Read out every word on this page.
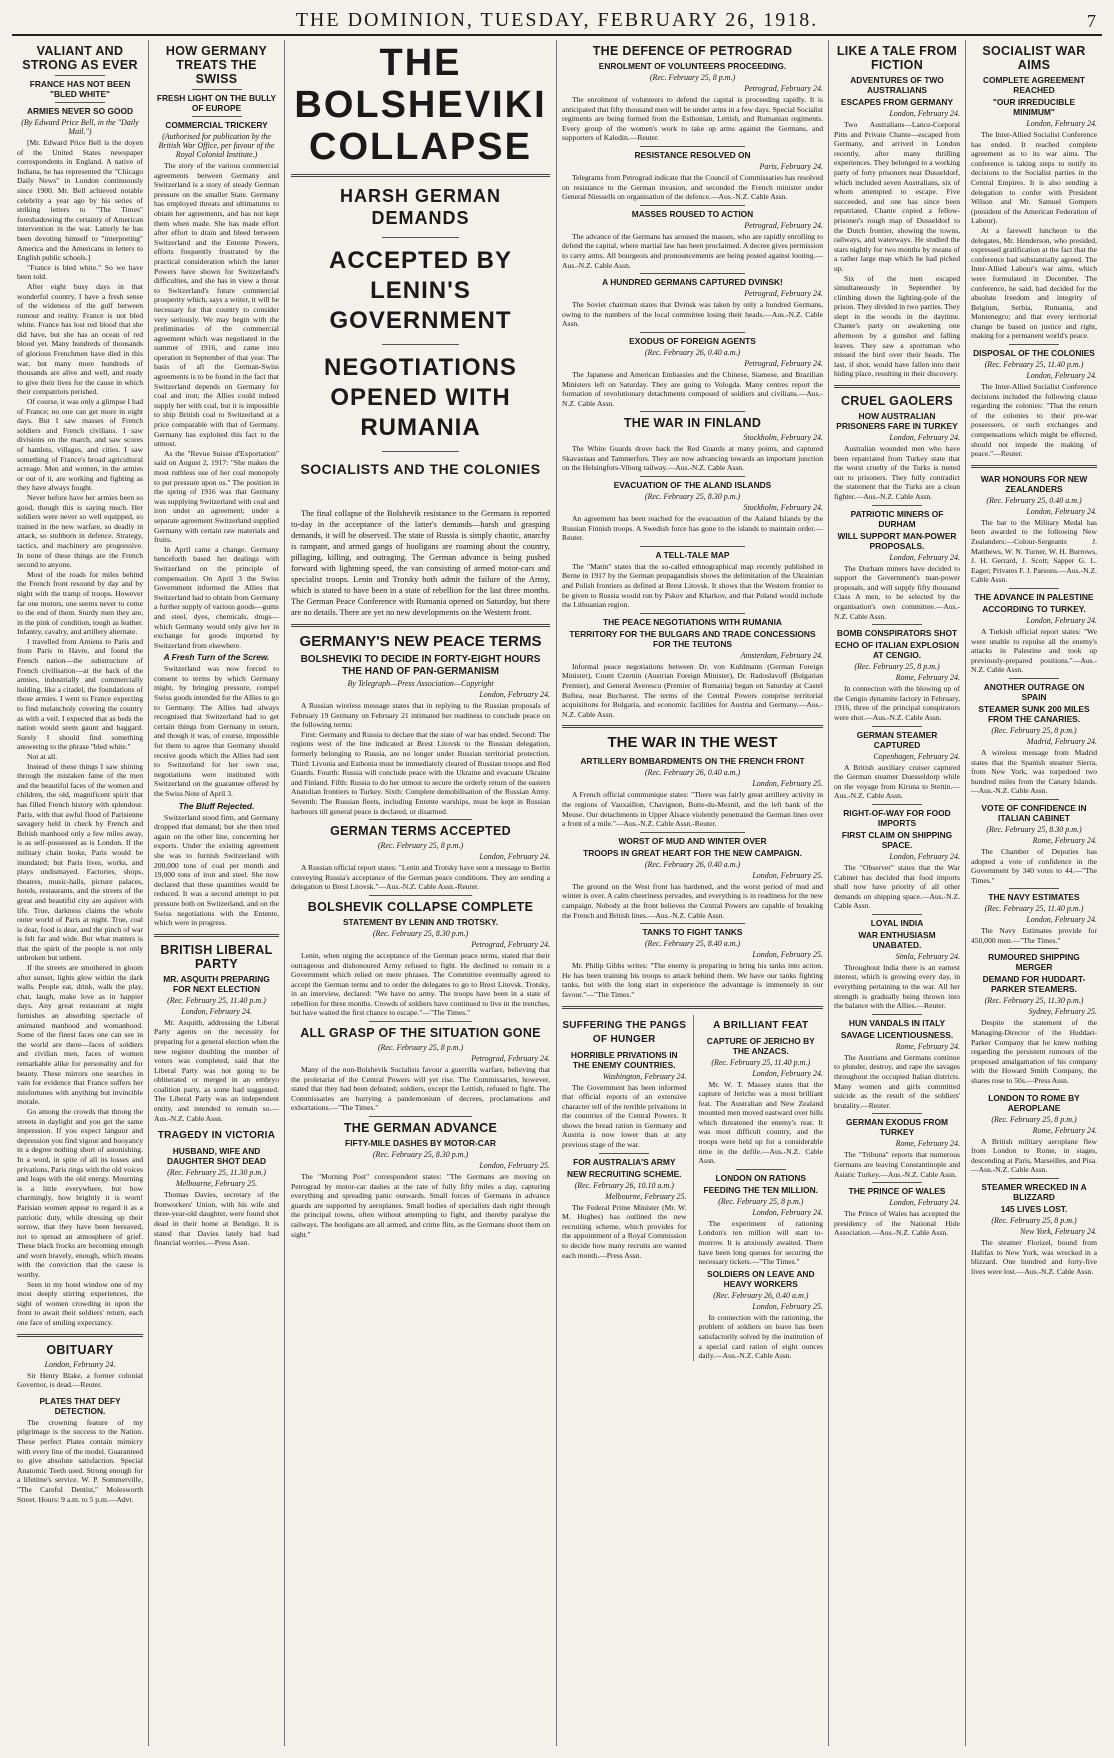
THE DOMINION, TUESDAY, FEBRUARY 26, 1918.	7
VALIANT AND STRONG AS EVER
FRANCE HAS NOT BEEN "BLED WHITE"
ARMIES NEVER SO GOOD
(By Edward Price Bell, in the "Daily Mail.")

[Mr. Edward Price Bell is the doyen of the United States newspaper correspondents in England. A native of Indiana, he has represented the "Chicago Daily News" in London continuously since 1900. Mr. Bell achieved notable celebrity a year ago by his series of striking letters to "The Times" foreshadowing the certainty of American intervention in the war. Latterly he has been devoting himself to "interpreting" America and the Americans in letters to English public schools.]

"France is bled white." So we have been told.

After eight busy days in that wonderful country, I have a fresh sense of the wideness of the gulf between rumour and reality. France is not bled white. France has lost red blood that she did have, but she has an ocean of red blood yet. Many hundreds of thousands of glorious Frenchmen have died in this war, but many more hundreds of thousands are alive and well, and ready to give their lives for the cause in which their compatriots perished.

Of course, it was only a glimpse I had of France; no one can get more in eight days. But I saw masses of French soldiers and French civilians. I saw divisions on the march, and saw scores of hamlets, villages, and cities. I saw something of France's broad agricultural acreage. Men and women, in the armies or out of it, are working and fighting as they have always fought.

Never before have her armies been so good, though this is saying much. Her soldiers were never so well equipped, so trained in the new warfare, so deadly in attack, so stubborn in defence. Strategy, tactics, and machinery are progressive. In none of these things are the French second to anyone.

Most of the roads for miles behind the French front resound by day and by night with the tramp of troops. However far one motors, one seems never to come to the end of them. Sturdy men they are, in the pink of condition, tough as leather. Infantry, cavalry, and artillery alternate.

I travelled from Amiens to Paris and from Paris to Havre, and found the French nation—the substructure of French civilisation—at the back of the armies, industrially and commercially holding, like a citadel, the foundations of those armies. I went to France expecting to find melancholy covering the country as with a veil. I expected that as beds the nation would seem gaunt and haggard. Surely I should find something answering to the phrase "bled white."

Not at all.

Instead of these things I saw shining through the mistaken fame of the men and the beautiful faces of the women and children, the old, magnificent spirit that has filled French history with splendour. Paris, with that awful flood of Parisienne savagery held in check by French and British manhood only a few miles away, is as self-possessed as is London. If the military chain broke, Paris would be inundated; but Paris lives, works, and plays undismayed. Factories, shops, theatres, music-halls, picture palaces, hotels, restaurants, and the streets of the great and beautiful city are aquiver with life. True, darkness claims the whole outer world of Paris at night. True, coal is dear, food is dear, and the pinch of war is felt far and wide. But what matters is that the spirit of the people is not only unbroken but unbent.

If the streets are smothered in gloom after sunset, lights glow within the dark walls. People eat, drink, walk the play, chat, laugh, make love as in happier days. Any great restaurant at night furnishes an absorbing spectacle of animated manhood and womanhood. Some of the finest faces one can see in the world are there—faces of soldiers and civilian men, faces of women remarkable alike for personality and for beauty. These mirrors one searches in vain for evidence that France suffers her misfortunes with anything but invincible morale.

Go among the crowds that throng the streets in daylight and you get the same impression. If you expect languor and depression you find vigour and buoyancy in a degree nothing short of astonishing. In a word, in spite of all its losses and privations, Paris rings with the old voices and leaps with the old energy. Mourning is a little everywhere, but how charmingly, how brightly it is worn! Parisian women appear to regard it as a patriotic duty, while dressing up their sorrow, that they have been bereaved, not to spread an atmosphere of grief. These black frocks are becoming enough and worn bravely, enough, which means with the conviction that the cause is worthy.

Seen in my hotel window one of my most deeply stirring experiences, the sight of women crowding in upon the front to await their soldiers' return, each one face of smiling expectancy.

OBITUARY
London, February 24.

Sir Henry Blake, a former colonial Governor, is dead.—Reuter.

PLATES THAT DEFY DETECTION.

The crowning feature of my pilgrimage is the success to the Nation. These perfect Plates contain mimicry with every line of the model. Guaranteed to give absolute satisfaction. Special Anatomic Teeth used. Strong enough for a lifetime's service. W. P. Sommerville, "The Careful Dentist," Molesworth Street. Hours: 9 a.m. to 5 p.m.—Advt.

HOW GERMANY TREATS THE SWISS
FRESH LIGHT ON THE BULLY OF EUROPE
COMMERCIAL TRICKERY
(Authorised for publication by the British War Office, per favour of the Royal Colonial Institute.)

The story of the various commercial agreements between Germany and Switzerland is a story of steady German pressure on the smaller State. Germany has employed threats and ultimatums to obtain her agreements, and has not kept them when made. She has made effort after effort to drain and bleed between Switzerland and the Entente Powers, efforts frequently frustrated by the practical consideration which the latter Powers have shown for Switzerland's difficulties, and she has in view a threat to Switzerland's future commercial prosperity which, says a writer, it will be necessary for that country to consider very seriously. We may begin with the preliminaries of the commercial agreement which was negotiated in the summer of 1916, and came into operation in September of that year. The basis of all the German-Swiss agreements is to be found in the fact that Switzerland depends on Germany for coal and iron; the Allies could indeed supply her with coal, but it is impossible to ship British coal to Switzerland at a price comparable with that of Germany. Germany has exploited this fact to the utmost.

As the "Revue Suisse d'Exportation" said on August 2, 1917: "She makes the most ruthless use of her coal monopoly to put pressure upon us." The position in the spring of 1916 was that Germany was supplying Switzerland with coal and iron under an agreement; under a separate agreement Switzerland supplied Germany with certain raw materials and fruits.

In April came a change. Germany henceforth based her dealings with Switzerland on the principle of compensation. On April 3 the Swiss Government informed the Allies that Switzerland had to obtain from Germany a further supply of various goods—gums and steel, dyes, chemicals, drugs—which Germany would only give her in exchange for goods imported by Switzerland from elsewhere.

A Fresh Turn of the Screw.

Switzerland was now forced to consent to terms by which Germany might, by bringing pressure, compel Swiss goods intended for the Allies to go to Germany. The Allies had always recognised that Switzerland had to get certain things from Germany in return, and though it was, of course, impossible for them to agree that Germany should receive goods which the Allies had sent to Switzerland for her own use, negotiations were instituted with Switzerland on the guarantee offered by the Swiss Note of April 3.

The Bluff Rejected.

Switzerland stood firm, and Germany dropped that demand; but she then tried again on the other line, concerning her exports. Under the existing agreement she was to furnish Switzerland with 200,000 tons of coal per month and 19,000 tons of iron and steel. She now declared that these quantities would be reduced. It was a second attempt to put pressure both on Switzerland, and on the Swiss negotiations with the Entente, which were in progress.

BRITISH LIBERAL PARTY
MR. ASQUITH PREPARING FOR NEXT ELECTION
(Rec. February 25, 11.40 p.m.)
London, February 24.

Mr. Asquith, addressing the Liberal Party agents on the necessity for preparing for a general election when the new register doubling the number of voters was completed, said that the Liberal Party was not going to be obliterated or merged in an embryo coalition party, as some had suggested. The Liberal Party was an independent entity, and intended to remain so.—Aus.-N.Z. Cable Assn.

TRAGEDY IN VICTORIA
HUSBAND, WIFE AND DAUGHTER SHOT DEAD
(Rec. February 25, 11.30 p.m.)
Melbourne, February 25.

Thomas Davies, secretary of the Ironworkers' Union, with his wife and three-year-old daughter, were found shot dead in their home at Bendigo. It is stated that Davies lately had had financial worries.—Press Assn.

THE BOLSHEVIKI COLLAPSE
HARSH GERMAN DEMANDS
ACCEPTED BY LENIN'S GOVERNMENT
NEGOTIATIONS OPENED WITH RUMANIA
SOCIALISTS AND THE COLONIES

The final collapse of the Bolshevik resistance to the Germans is reported to-day in the acceptance of the latter's demands—harsh and grasping demands, it will be observed. The state of Russia is simply chaotic, anarchy is rampant, and armed gangs of hooligans are roaming about the country, pillaging, killing, and outraging. The German advance is being pushed forward with lightning speed, the van consisting of armed motor-cars and specialist troops. Lenin and Trotsky both admit the failure of the Army, which is stated to have been in a state of rebellion for the last three months. The German Peace Conference with Rumania opened on Saturday, but there are no details. There are yet no new developments on the Western front.

GERMANY'S NEW PEACE TERMS
BOLSHEVIKI TO DECIDE IN FORTY-EIGHT HOURS
THE HAND OF PAN-GERMANISM
By Telegraph—Press Association—Copyright
London, February 24.

A Russian wireless message states that in replying to the Russian proposals of February 19 Germany on February 21 intimated her readiness to conclude peace on the following terms:

First: Germany and Russia to declare that the state of war has ended. Second: The regions west of the line indicated at Brest Litovsk to the Russian delegation, formerly belonging to Russia, are no longer under Russian territorial protection. Third: Livonia and Esthonia must be immediately cleared of Russian troops and Red Guards. Fourth: Russia will conclude peace with the Ukraine and evacuate Ukraine and Finland. Fifth: Russia to do her utmost to secure the orderly return of the eastern Anatolian frontiers to Turkey. Sixth: Complete demobilisation of the Russian Army. Seventh: The Russian fleets, including Entente warships, must be kept in Russian harbours till general peace is declared, or disarmed.

GERMAN TERMS ACCEPTED
(Rec. February 25, 8 p.m.)
London, February 24.

A Russian official report states: "Lenin and Trotsky have sent a message to Berlin conveying Russia's acceptance of the German peace conditions. They are sending a delegation to Brest Litovsk."—Aus.-N.Z. Cable Assn.-Reuter.

BOLSHEVIK COLLAPSE COMPLETE
STATEMENT BY LENIN AND TROTSKY.
(Rec. February 25, 8.30 p.m.)
Petrograd, February 24.

Lenin, when urging the acceptance of the German peace terms, stated that their outrageous and dishonoured Army refused to fight. He declined to remain in a Government which relied on mere phrases. The Committee eventually agreed to accept the German terms and to order the delegates to go to Brest Litovsk. Trotsky, in an interview, declared: "We have no army. The troops have been in a state of rebellion for three months. Crowds of soldiers have continued to live in the trenches, but have waited the first chance to escape."—"The Times."

ALL GRASP OF THE SITUATION GONE
(Rec. February 25, 8 p.m.)
Petrograd, February 24.

Many of the non-Bolshevik Socialists favour a guerrilla warfare, believing that the proletariat of the Central Powers will yet rise. The Commissaries, however, stated that they had been defeated; soldiers, except the Lettish, refused to fight. The Commissaries are hurrying a pandemonium of decrees, proclamations and exhortations.—"The Times."

THE GERMAN ADVANCE
FIFTY-MILE DASHES BY MOTOR-CAR
(Rec. February 25, 8.30 p.m.)
London, February 25.

The "Morning Post" correspondent states: "The Germans are moving on Petrograd by motor-car dashes at the rate of fully fifty miles a day, capturing everything and spreading panic outwards. Small forces of Germans in advance guards are supported by aeroplanes. Small bodies of specialists dash right through the principal towns, often without attempting to fight, and thereby paralyse the railways. The hooligans are all armed, and crime flits, as the Germans shoot them on sight."

THE DEFENCE OF PETROGRAD
ENROLMENT OF VOLUNTEERS PROCEEDING.
(Rec. February 25, 8 p.m.)
Petrograd, February 24.

The enrolment of volunteers to defend the capital is proceeding rapidly. It is anticipated that fifty thousand men will be under arms in a few days. Special Socialist regiments are being formed from the Esthonian, Lettish, and Rumanian regiments. Every group of the women's work to take up arms against the Germans, and supporters of Kaledin.—Reuter.

RESISTANCE RESOLVED ON
Paris, February 24.

Telegrams from Petrograd indicate that the Council of Commissaries has resolved on resistance to the German invasion, and seconded the French minister under General Niessells on organisation of the defence.—Aus.-N.Z. Cable Assn.

MASSES ROUSED TO ACTION
Petrograd, February 24.

The advance of the Germans has aroused the masses, who are rapidly enrolling to defend the capital, where martial law has been proclaimed. A decree gives permission to carry arms. All bourgeois and pronouncements are being posted against looting.—Aus.-N.Z. Cable Assn.

A HUNDRED GERMANS CAPTURED DVINSK!
Petrograd, February 24.

The Soviet chairman states that Dvinsk was taken by only a hundred Germans, owing to the numbers of the local committee losing their heads.—Aus.-N.Z. Cable Assn.

EXODUS OF FOREIGN AGENTS
(Rec. February 26, 0.40 a.m.)
Petrograd, February 24.

The Japanese and American Embassies and the Chinese, Siamese, and Brazilian Ministers left on Saturday. They are going to Vologda. Many centres report the formation of revolutionary detachments composed of soldiers and civilians.—Aus.-N.Z. Cable Assn.

THE WAR IN FINLAND
Stockholm, February 24.

The White Guards drove back the Red Guards at many points, and captured Skavastaas and Tammerfors. They are now advancing towards an important junction on the Helsingfors-Viborg railway.—Aus.-N.Z. Cable Assn.

EVACUATION OF THE ALAND ISLANDS
(Rec. February 25, 8.30 p.m.)
Stockholm, February 24.

An agreement has been reached for the evacuation of the Aaland Islands by the Russian Finnish troops. A Swedish force has gone to the islands to maintain order.—Reuter.

A TELL-TALE MAP

The "Matin" states that the so-called ethnographical map recently published in Berne in 1917 by the German propagandists shows the delimitation of the Ukrainian and Polish frontiers as defined at Brest Litovsk. It shows that the Western frontier to be given to Russia would run by Pskov and Kharkov, and that Poland would include the Lithuanian region.

THE PEACE NEGOTIATIONS WITH RUMANIA
TERRITORY FOR THE BULGARS AND TRADE CONCESSIONS FOR THE TEUTONS
Amsterdam, February 24.

Informal peace negotiations between Dr. von Kuhlmann (German Foreign Minister), Count Czernin (Austrian Foreign Minister), Dr. Radoslavoff (Bulgarian Premier), and General Averescu (Premier of Rumania) began on Saturday at Castel Buftea, near Bucharest. The terms of the Central Powers comprise territorial acquisitions for Bulgaria, and economic facilities for Austria and Germany.—Aus.-N.Z. Cable Assn.

THE WAR IN THE WEST
ARTILLERY BOMBARDMENTS ON THE FRENCH FRONT
(Rec. February 26, 0.40 a.m.)
London, February 25.

A French official communique states: "There was fairly great artillery activity in the regions of Vauxaillon, Chavignon, Butte-du-Mesnil, and the left bank of the Meuse. Our detachments in Upper Alsace violently penetrated the German lines over a front of a mile."—Aus.-N.Z. Cable Assn.-Reuter.

WORST OF MUD AND WINTER OVER
TROOPS IN GREAT HEART FOR THE NEW CAMPAIGN.
(Rec. February 26, 0.40 a.m.)
London, February 25.

The ground on the West front has hardened, and the worst period of mud and winter is over. A calm cheeriness pervades, and everything is in readiness for the new campaign. Nobody at the front believes the Central Powers are capable of breaking the French and British lines.—Aus.-N.Z. Cable Assn.

TANKS TO FIGHT TANKS
(Rec. February 25, 8.40 a.m.)
London, February 25.

Mr. Philip Gibbs writes: "The enemy is preparing to bring his tanks into action. He has been training his troops to attack behind them. We have our tanks fighting tanks, but with the long start in experience the advantage is immensely in our favour."—"The Times."

SUFFERING THE PANGS OF HUNGER
HORRIBLE PRIVATIONS IN THE ENEMY COUNTRIES.
Washington, February 24.

The Government has been informed that official reports of an extensive character tell of the terrible privations in the countries of the Central Powers. It shows the bread ration in Germany and Austria is now lower than at any previous stage of the war.

FOR AUSTRALIA'S ARMY
NEW RECRUITING SCHEME.
(Rec. February 26, 10.10 a.m.)
Melbourne, February 25.

The Federal Prime Minister (Mr. W. M. Hughes) has outlined the new recruiting scheme, which provides for the appointment of a Royal Commission to decide how many recruits are wanted each month.—Press Assn.

A BRILLIANT FEAT
CAPTURE OF JERICHO BY THE ANZACS.
(Rec. February 25, 11.40 p.m.)
London, February 24.

Mr. W. T. Massey states that the capture of Jericho was a most brilliant feat. The Australian and New Zealand mounted men moved eastward over hills which threatened the enemy's rear. It was most difficult country, and the troops were held up for a considerable time in the defile.—Aus.-N.Z. Cable Assn.

LONDON ON RATIONS
FEEDING THE TEN MILLION.
(Rec. February 25, 8 p.m.)
London, February 24.

The experiment of rationing London's ten million will start to-morrow. It is anxiously awaited. There have been long queues for securing the necessary tickets.—"The Times."

SOLDIERS ON LEAVE AND HEAVY WORKERS
(Rec. February 26, 0.40 a.m.)
London, February 25.

In connection with the rationing, the problem of soldiers on leave has been satisfactorily solved by the institution of a special card ration of eight ounces daily.—Aus.-N.Z. Cable Assn.

LIKE A TALE FROM FICTION
ADVENTURES OF TWO AUSTRALIANS
ESCAPES FROM GERMANY
London, February 24.

Two Australians—Lance-Corporal Pitts and Private Chante—escaped from Germany, and arrived in London recently, after many thrilling experiences. They belonged to a working party of forty prisoners near Dusseldorf, which included seven Australians, six of whom attempted to escape. Five succeeded, and one has since been repatriated. Chante copied a fellow-prisoner's rough map of Dusseldorf to the Dutch frontier, showing the towns, railways, and waterways. He studied the stars nightly for two months by means of a rather large map which he had picked up.

Six of the men escaped simultaneously in September by climbing down the lighting-pole of the prison. They divided in two parties. They slept in the woods in the daytime. Chante's party on awakening one afternoon by a gunshot and falling leaves. They saw a sportsman who missed the bird over their heads. The last, if shot, would have fallen into their hiding place, resulting in their discovery.

CRUEL GAOLERS
HOW AUSTRALIAN PRISONERS FARE IN TURKEY
London, February 24.

Australian wounded men who have been repatriated from Turkey state that the worst cruelty of the Turks is meted out to prisoners. They fully contradict the statement that the Turks are a clean fighter.—Aus.-N.Z. Cable Assn.

PATRIOTIC MINERS OF DURHAM
WILL SUPPORT MAN-POWER PROPOSALS.
London, February 24.

The Durham miners have decided to support the Government's man-power proposals, and will supply fifty thousand Class A men, to be selected by the organisation's own committee.—Aus.-N.Z. Cable Assn.

BOMB CONSPIRATORS SHOT
ECHO OF ITALIAN EXPLOSION AT CENGIO.
(Rec. February 25, 8 p.m.)
Rome, February 24.

In connection with the blowing up of the Cengio dynamite factory in February, 1916, three of the principal conspirators were shot.—Aus.-N.Z. Cable Assn.

GERMAN STEAMER CAPTURED
Copenhagen, February 24.

A British auxiliary cruiser captured the German steamer Duesseldorp while on the voyage from Kiruna to Stettin.—Aus.-N.Z. Cable Assn.

RIGHT-OF-WAY FOR FOOD IMPORTS
FIRST CLAIM ON SHIPPING SPACE.
London, February 24.

The "Observer" states that the War Cabinet has decided that food imports shall now have priority of all other demands on shipping space.—Aus.-N.Z. Cable Assn.

LOYAL INDIA
WAR ENTHUSIASM UNABATED.
Simla, February 24.

Throughout India there is an earnest interest, which is growing every day, in everything pertaining to the war. All her strength is gradually being thrown into the balance with the Allies.—Reuter.

HUN VANDALS IN ITALY
SAVAGE LICENTIOUSNESS.
Rome, February 24.

The Austrians and Germans continue to plunder, destroy, and rape the savages throughout the occupied Italian districts. Many women and girls committed suicide as the result of the soldiers' brutality.—Reuter.

GERMAN EXODUS FROM TURKEY
Rome, February 24.

The "Tribuna" reports that numerous Germans are leaving Constantinople and Asiatic Turkey.—Aus.-N.Z. Cable Assn.

THE PRINCE OF WALES
London, February 24.

The Prince of Wales has accepted the presidency of the National Hide Association.—Aus.-N.Z. Cable Assn.

SOCIALIST WAR AIMS
COMPLETE AGREEMENT REACHED
"OUR IRREDUCIBLE MINIMUM"
London, February 24.

The Inter-Allied Socialist Conference has ended. It reached complete agreement as to its war aims. The conference is taking steps to notify its decisions to the Socialist parties in the Central Empires. It is also sending a delegation to confer with President Wilson and Mr. Samuel Gompers (president of the American Federation of Labour).

At a farewell luncheon to the delegates, Mr. Henderson, who presided, expressed gratification at the fact that the conference had substantially agreed. The Inter-Allied Labour's war aims, which were formulated in December. The conference, he said, had decided for the absolute freedom and integrity of Belgium, Serbia, Rumania, and Montenegro; and that every territorial change be based on justice and right, making for a permanent world's peace.

DISPOSAL OF THE COLONIES
(Rec. February 25, 11.40 p.m.)
London, February 24.

The Inter-Allied Socialist Conference decisions included the following clause regarding the colonies: "That the return of the colonies to their pre-war possessors, or such exchanges and compensations which might be effected, should not impede the making of peace."—Reuter.

WAR HONOURS FOR NEW ZEALANDERS
(Rec. February 25, 0.40 a.m.)
London, February 24.

The bar to the Military Medal has been awarded to the following New Zealanders:—Colour-Sergeants J. Matthews, W. N. Turner, W. H. Burrows, J. H. Gerrard, J. Scott; Sapper G. L. Eager; Privates F. J. Parsons.—Aus.-N.Z. Cable Assn.

THE ADVANCE IN PALESTINE
ACCORDING TO TURKEY.
London, February 24.

A Turkish official report states: "We were unable to repulse all the enemy's attacks in Palestine and took up previously-prepared positions."—Aus.-N.Z. Cable Assn.

ANOTHER OUTRAGE ON SPAIN
STEAMER SUNK 200 MILES FROM THE CANARIES.
(Rec. February 25, 8 p.m.)
Madrid, February 24.

A wireless message from Madrid states that the Spanish steamer Sierra, from New York, was torpedoed two hundred miles from the Canary Islands.—Aus.-N.Z. Cable Assn.

VOTE OF CONFIDENCE IN ITALIAN CABINET
(Rec. February 25, 8.30 p.m.)
Rome, February 24.

The Chamber of Deputies has adopted a vote of confidence in the Government by 340 votes to 44.—"The Times."

THE NAVY ESTIMATES
(Rec. February 25, 11.40 p.m.)
London, February 24.

The Navy Estimates provide for 450,000 men.—"The Times."

RUMOURED SHIPPING MERGER
DEMAND FOR HUDDART-PARKER STEAMERS.
(Rec. February 25, 11.30 p.m.)
Sydney, February 25.

Despite the statement of the Managing-Director of the Huddart-Parker Company that he knew nothing regarding the persistent rumours of the proposed amalgamation of his company with the Howard Smith Company, the shares rose to 50s.—Press Assn.

LONDON TO ROME BY AEROPLANE
(Rec. February 25, 8 p.m.)
Rome, February 24.

A British military aeroplane flew from London to Rome, in stages, descending at Paris, Marseilles, and Pisa.—Aus.-N.Z. Cable Assn.

STEAMER WRECKED IN A BLIZZARD
145 LIVES LOST.
(Rec. February 25, 8 p.m.)
New York, February 24.

The steamer Florizel, bound from Halifax to New York, was wrecked in a blizzard. One hundred and forty-five lives were lost.—Aus.-N.Z. Cable Assn.
